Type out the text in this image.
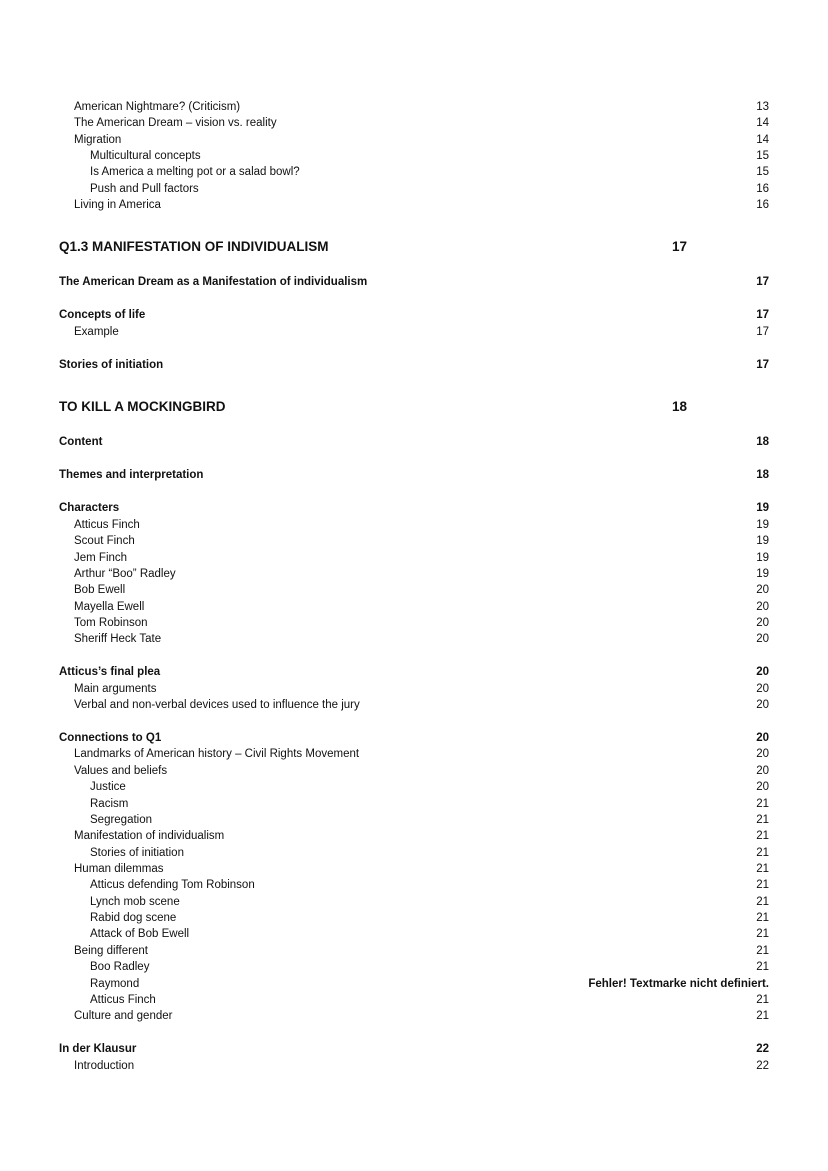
American Nightmare? (Criticism)	13
The American Dream – vision vs. reality	14
Migration	14
Multicultural concepts	15
Is America a melting pot or a salad bowl?	15
Push and Pull factors	16
Living in America	16
Q1.3 MANIFESTATION OF INDIVIDUALISM	17
The American Dream as a Manifestation of individualism	17
Concepts of life	17
Example	17
Stories of initiation	17
TO KILL A MOCKINGBIRD	18
Content	18
Themes and interpretation	18
Characters	19
Atticus Finch	19
Scout Finch	19
Jem Finch	19
Arthur “Boo” Radley	19
Bob Ewell	20
Mayella Ewell	20
Tom Robinson	20
Sheriff Heck Tate	20
Atticus’s final plea	20
Main arguments	20
Verbal and non-verbal devices used to influence the jury	20
Connections to Q1	20
Landmarks of American history – Civil Rights Movement	20
Values and beliefs	20
Justice	20
Racism	21
Segregation	21
Manifestation of individualism	21
Stories of initiation	21
Human dilemmas	21
Atticus defending Tom Robinson	21
Lynch mob scene	21
Rabid dog scene	21
Attack of Bob Ewell	21
Being different	21
Boo Radley	21
Raymond	Fehler! Textmarke nicht definiert.
Atticus Finch	21
Culture and gender	21
In der Klausur	22
Introduction	22
